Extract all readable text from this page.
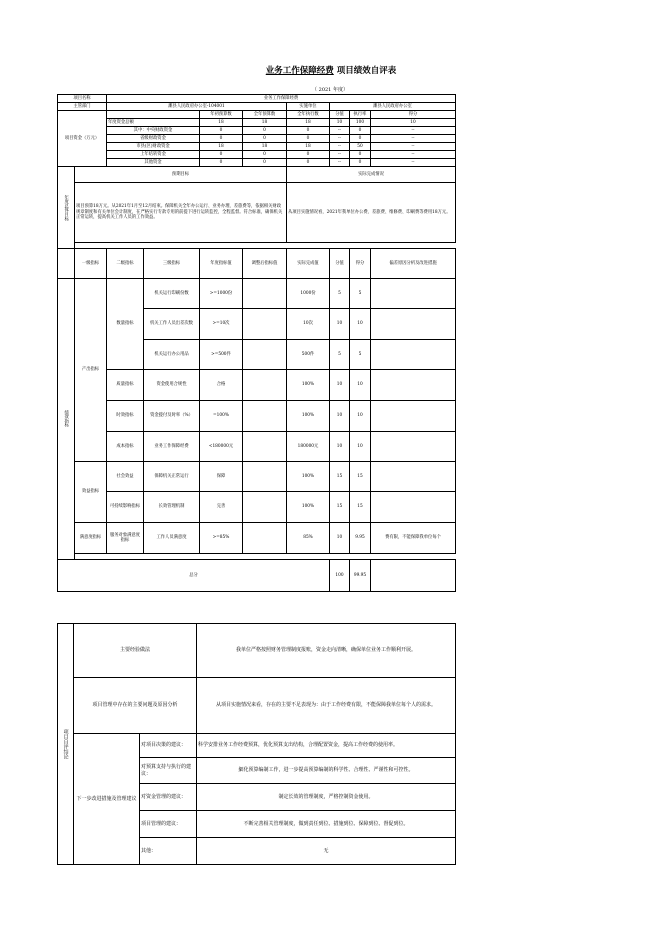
业务工作保障经费 项目绩效自评表
（ 2021 年度）
项目名称		业务工作保障经费							
主管部门		濉县人民政府办公室-104001				实施单位	濉县人民政府办公室		
项目资金（万元）				年初预算数	全年预算数	全年执行数	分值	执行率	得分
		年度资金总额		18	18	18	10	100	10
		其中：中央财政资金		0	0	0	--	0	--
		省级财政资金		0	0	0	--	0	--
		市县(区)财政资金		18	18	18	--	50	--
		上年结转资金		0	0	0	--	0	--
		其他资金		0	0	0	--	0	--
年度总体目标	预期目标					实际完成情况			
	项目预算18万元。从2021年1月至12月结束。保障机关全年办公运行、业务办理、差旅费等，依据相关财政规章制度和有关单位会计制度，在严格实行专款专用的前提下进行运转监控，全程监督。符合标准，确保机关正常运转，提高机关工作人员的工作效益。					从项目实施情况看，2021年我单位办公费、差旅费、维修费、印刷费等费用18万元。			

	一级指标	二级指标	三级指标	年度指标值	调整后指标值	实际完成值	分值	得分	偏差原因分析及改进措施
绩效指标	产出指标	数量指标	机关运行印刷份数	>=1000份		1000份	5	5	
			机关工作人员出差次数	>=10次		10次	10	10	
			机关运行办公用品	>=500件		500件	5	5	
		质量指标	资金使用合规性	合格		100%	10	10	
		时效指标	资金拨付及时率（%）	=100%		100%	10	10	
		成本指标	业务工作保障经费	<180000元		180000元	10	10	
	效益指标	社会效益	保障机关正常运行	保障		100%	15	15	
		可持续影响指标	长效管理机制	完善		100%	15	15	
	满意度指标	服务对象满意度指标	工作人员满意度	>=85%		85%	10	9.95	费有限，不能保障我单位每个

总分							100	99.95	
项目自评结论	主要经验做法		我单位严格按照财务管理制度报账，资金走向清晰，确保单位业务工作顺利开展。
	项目管理中存在的主要问题及原因分析		从项目实施情况来看，存在的主要不足表现为：由于工作经费有限，不能保障我单位每个人的需求。
	下一步改进措施及管理建议	对项目决策的建议：	科学安排业务工作经费预算，优化预算支出结构，合理配置资金，提高工作经费的使用率。
		对预算支持与执行的建议：	細化预算编制工作，进一步提高预算编制的科学性、合理性、严谨性和可控性。
		对资金管理的建议：	制定长效的管理制度，严格控制资金使用。
		项目管理的建议：	不断完善相关管理制度，做到责任到位、措施到位、保障到位、督促到位。
		其他：	无
